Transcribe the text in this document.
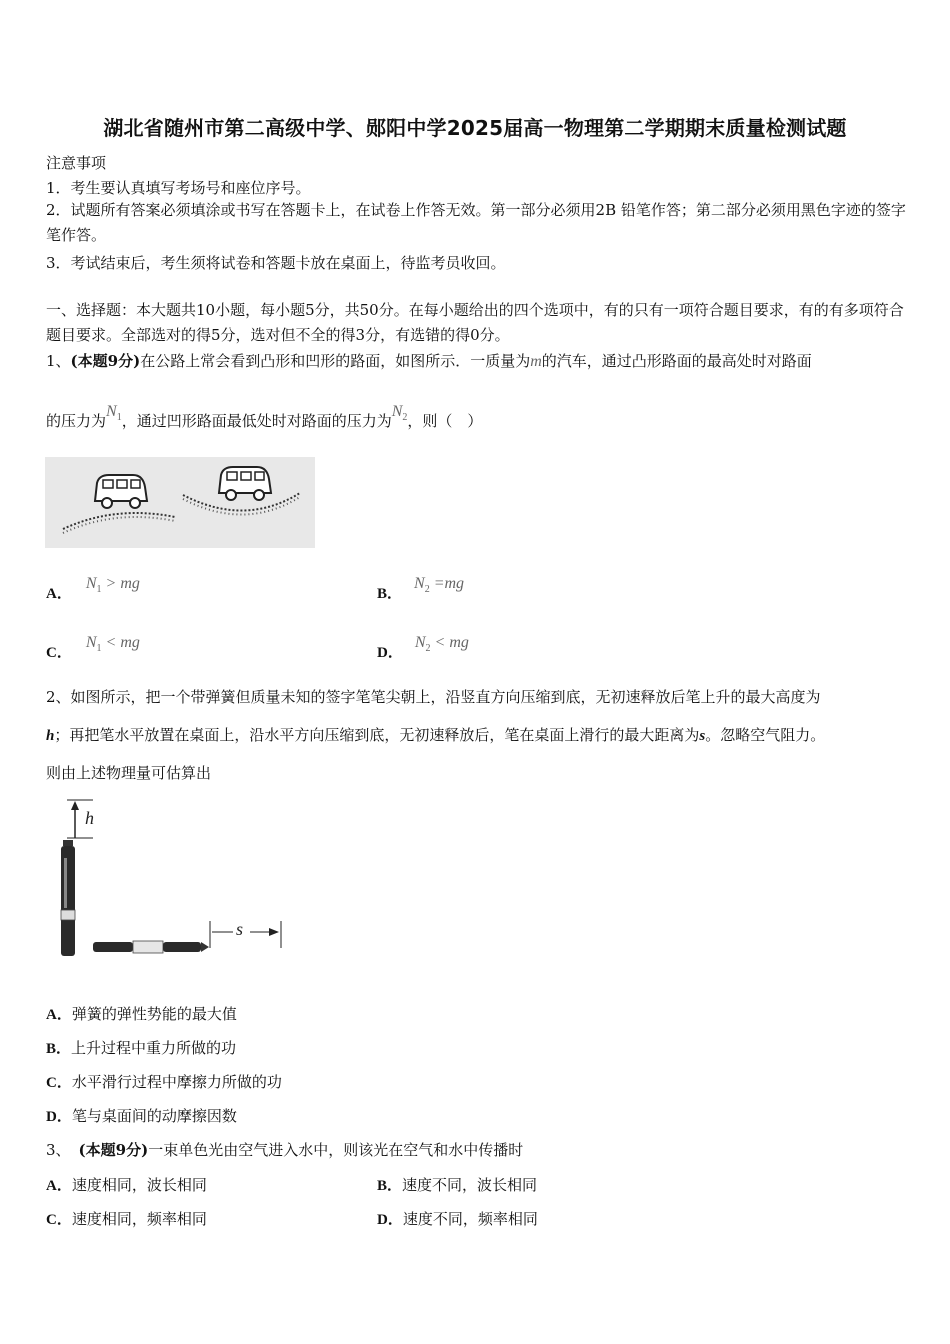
湖北省随州市第二高级中学、郧阳中学2025届高一物理第二学期期末质量检测试题
注意事项
1．考生要认真填写考场号和座位序号。
2．试题所有答案必须填涂或书写在答题卡上，在试卷上作答无效。第一部分必须用2B 铅笔作答；第二部分必须用黑色字迹的签字笔作答。
3．考试结束后，考生须将试卷和答题卡放在桌面上，待监考员收回。
一、选择题：本大题共10小题，每小题5分，共50分。在每小题给出的四个选项中，有的只有一项符合题目要求，有的有多项符合题目要求。全部选对的得5分，选对但不全的得3分，有选错的得0分。
1、(本题9分)在公路上常会看到凸形和凹形的路面，如图所示．一质量为m的汽车，通过凸形路面的最高处时对路面
的压力为$N_1$，通过凹形路面最低处时对路面的压力为$N_2$，则（　）
A．$N_1$ > mg
B．$N_2 =mg$
C．$N_1$ < mg
D．$N_2$ < mg
2、如图所示，把一个带弹簧但质量未知的签字笔笔尖朝上，沿竖直方向压缩到底，无初速释放后笔上升的最大高度为
h；再把笔水平放置在桌面上，沿水平方向压缩到底，无初速释放后，笔在桌面上滑行的最大距离为s。忽略空气阻力。
则由上述物理量可估算出
h
s
A．弹簧的弹性势能的最大值
B．上升过程中重力所做的功
C．水平滑行过程中摩擦力所做的功
D．笔与桌面间的动摩擦因数
3、 (本题9分)一束单色光由空气进入水中，则该光在空气和水中传播时
A．速度相同，波长相同	B．速度不同，波长相同
C．速度相同，频率相同	D．速度不同，频率相同
